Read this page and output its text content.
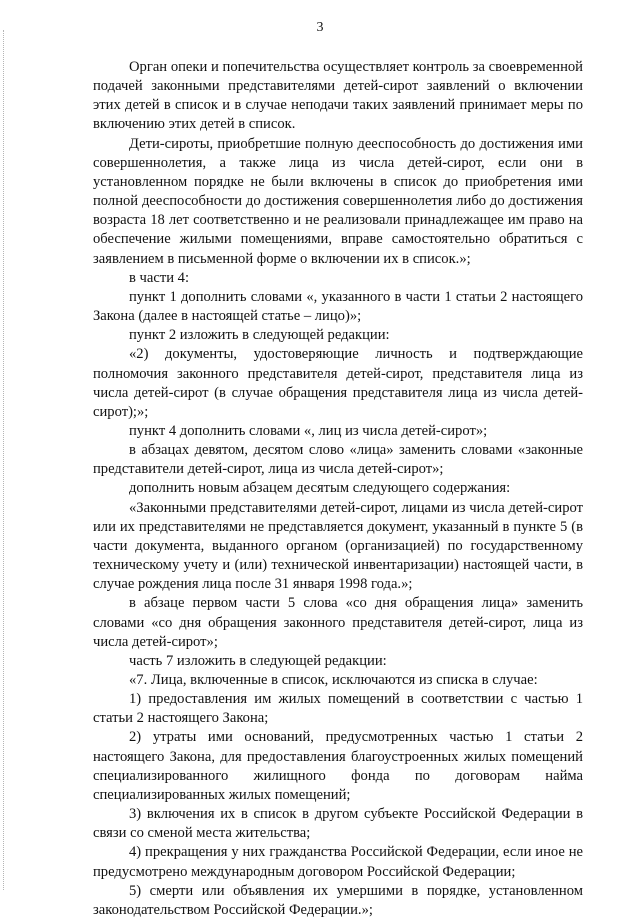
3

Орган опеки и попечительства осуществляет контроль за своевременной подачей законными представителями детей-сирот заявлений о включении этих детей в список и в случае неподачи таких заявлений принимает меры по включению этих детей в список.

Дети-сироты, приобретшие полную дееспособность до достижения ими совершеннолетия, а также лица из числа детей-сирот, если они в установленном порядке не были включены в список до приобретения ими полной дееспособности до достижения совершеннолетия либо до достижения возраста 18 лет соответственно и не реализовали принадлежащее им право на обеспечение жилыми помещениями, вправе самостоятельно обратиться с заявлением в письменной форме о включении их в список.»;

в части 4:

пункт 1 дополнить словами «, указанного в части 1 статьи 2 настоящего Закона (далее в настоящей статье – лицо)»;

пункт 2 изложить в следующей редакции:

«2) документы, удостоверяющие личность и подтверждающие полномочия законного представителя детей-сирот, представителя лица из числа детей-сирот (в случае обращения представителя лица из числа детей-сирот);»;

пункт 4 дополнить словами «, лиц из числа детей-сирот»;

в абзацах девятом, десятом слово «лица» заменить словами «законные представители детей-сирот, лица из числа детей-сирот»;

дополнить новым абзацем десятым следующего содержания:

«Законными представителями детей-сирот, лицами из числа детей-сирот или их представителями не представляется документ, указанный в пункте 5 (в части документа, выданного органом (организацией) по государственному техническому учету и (или) технической инвентаризации) настоящей части, в случае рождения лица после 31 января 1998 года.»;

в абзаце первом части 5 слова «со дня обращения лица» заменить словами «со дня обращения законного представителя детей-сирот, лица из числа детей-сирот»;

часть 7 изложить в следующей редакции:

«7. Лица, включенные в список, исключаются из списка в случае:

1) предоставления им жилых помещений в соответствии с частью 1 статьи 2 настоящего Закона;

2) утраты ими оснований, предусмотренных частью 1 статьи 2 настоящего Закона, для предоставления благоустроенных жилых помещений специализированного жилищного фонда по договорам найма специализированных жилых помещений;

3) включения их в список в другом субъекте Российской Федерации в связи со сменой места жительства;

4) прекращения у них гражданства Российской Федерации, если иное не предусмотрено международным договором Российской Федерации;

5) смерти или объявления их умершими в порядке, установленном законодательством Российской Федерации.»;
